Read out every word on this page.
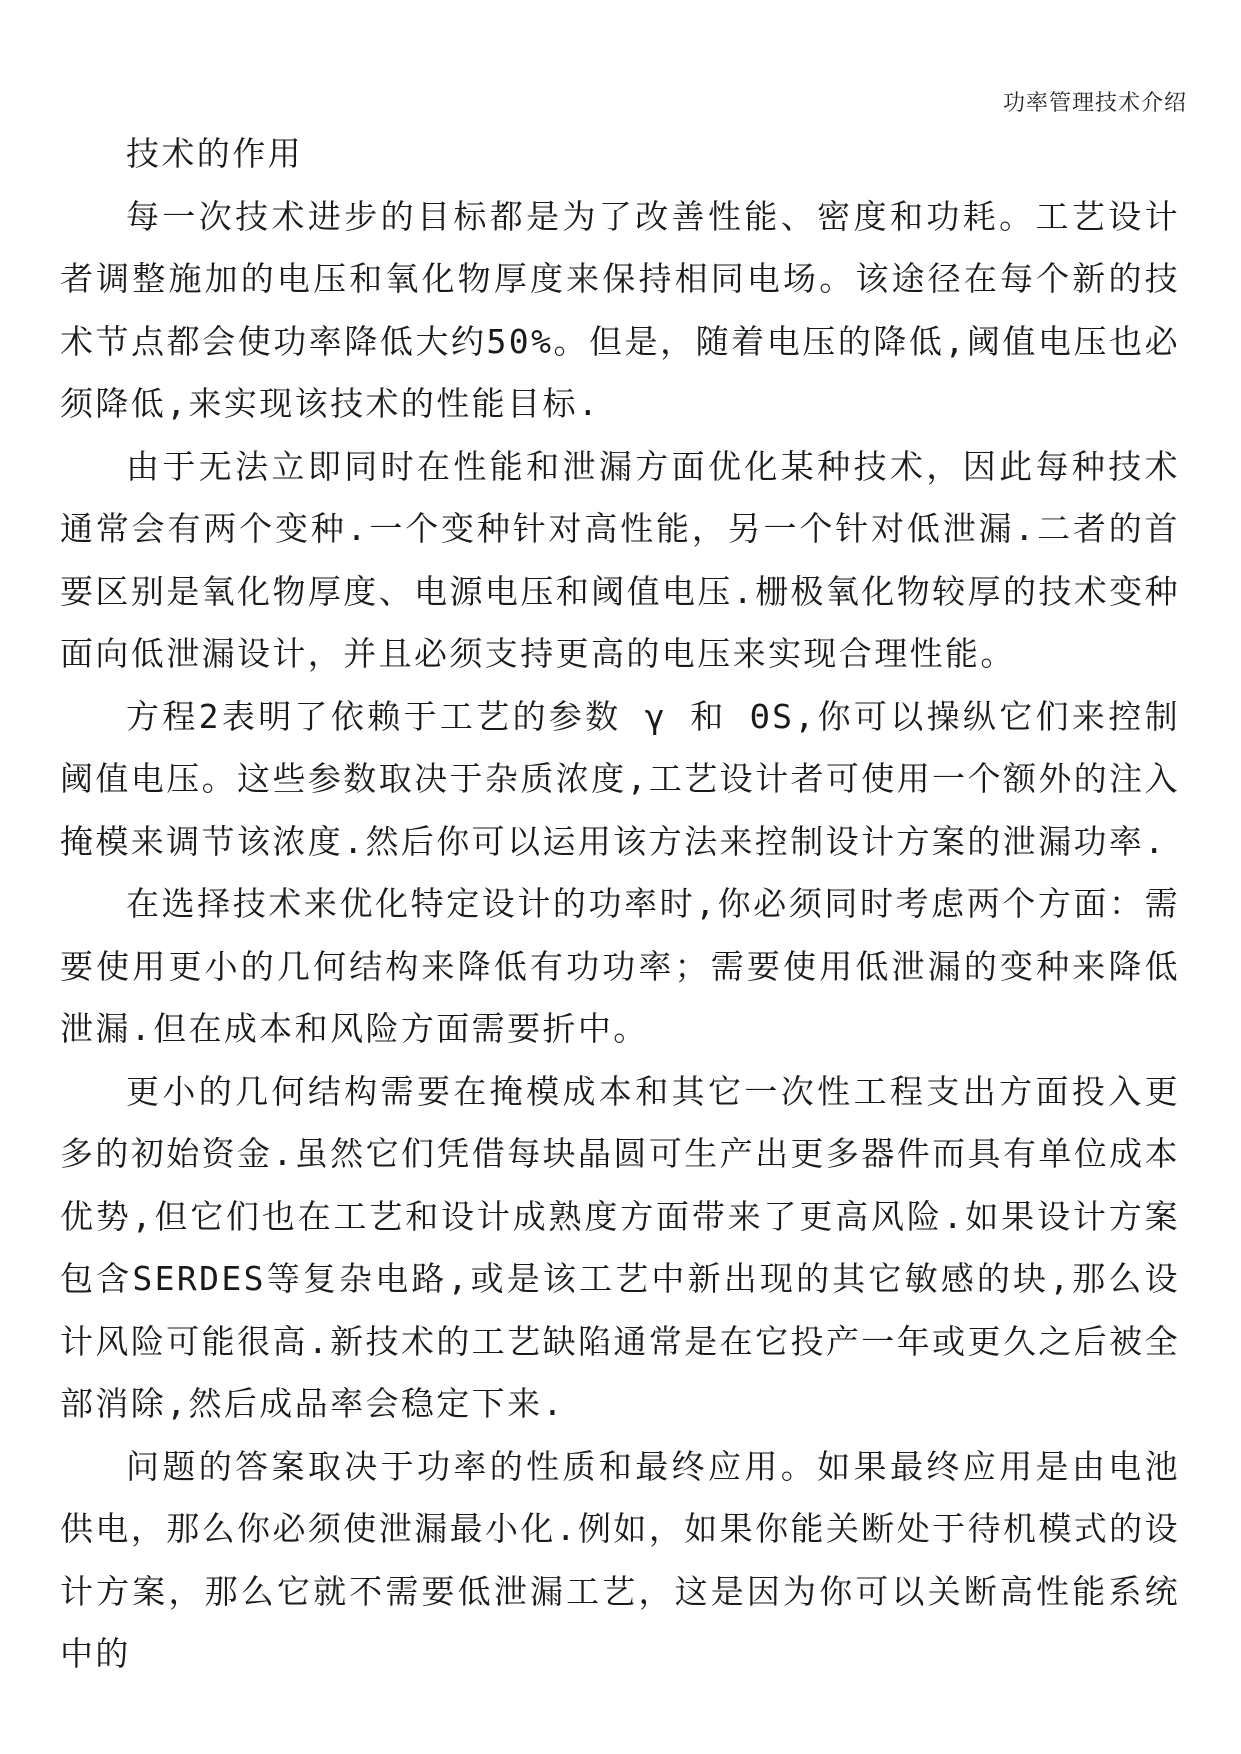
功率管理技术介绍

技术的作用

每一次技术进步的目标都是为了改善性能、密度和功耗。工艺设计者调整施加的电压和氧化物厚度来保持相同电场。该途径在每个新的技术节点都会使功率降低大约50%。但是，随着电压的降低,阈值电压也必须降低,来实现该技术的性能目标.

由于无法立即同时在性能和泄漏方面优化某种技术，因此每种技术通常会有两个变种.一个变种针对高性能，另一个针对低泄漏.二者的首要区别是氧化物厚度、电源电压和阈值电压.栅极氧化物较厚的技术变种面向低泄漏设计，并且必须支持更高的电压来实现合理性能。

方程2表明了依赖于工艺的参数 γ 和 ΘS,你可以操纵它们来控制阈值电压。这些参数取决于杂质浓度,工艺设计者可使用一个额外的注入掩模来调节该浓度.然后你可以运用该方法来控制设计方案的泄漏功率.

在选择技术来优化特定设计的功率时,你必须同时考虑两个方面：需要使用更小的几何结构来降低有功功率；需要使用低泄漏的变种来降低泄漏.但在成本和风险方面需要折中。

更小的几何结构需要在掩模成本和其它一次性工程支出方面投入更多的初始资金.虽然它们凭借每块晶圆可生产出更多器件而具有单位成本优势,但它们也在工艺和设计成熟度方面带来了更高风险.如果设计方案包含SERDES等复杂电路,或是该工艺中新出现的其它敏感的块,那么设计风险可能很高.新技术的工艺缺陷通常是在它投产一年或更久之后被全部消除,然后成品率会稳定下来.

问题的答案取决于功率的性质和最终应用。如果最终应用是由电池供电，那么你必须使泄漏最小化.例如，如果你能关断处于待机模式的设计方案，那么它就不需要低泄漏工艺，这是因为你可以关断高性能系统中的
